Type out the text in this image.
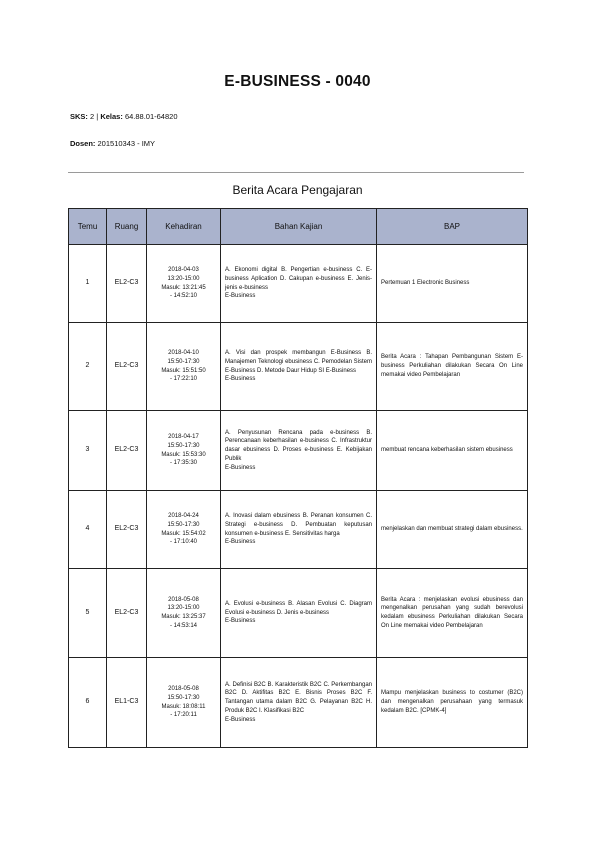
E-BUSINESS - 0040
SKS: 2 | Kelas: 64.88.01-64820
Dosen: 201510343 - IMY
Berita Acara Pengajaran
Temu	Ruang	Kehadiran	Bahan Kajian	BAP
1	EL2-C3	2018-04-03
13:20-15:00
Masuk: 13:21:45
- 14:52:10	A. Ekonomi digital B. Pengertian e-business C. E-business Aplication D. Cakupan e-business E. Jenis-jenis e-business
E-Business	Pertemuan 1 Electronic Business
2	EL2-C3	2018-04-10
15:50-17:30
Masuk: 15:51:50
- 17:22:10	A. Visi dan prospek membangun E-Business B. Manajemen Teknologi ebusiness C. Pemodelan Sistem E-Business D. Metode Daur Hidup SI E-Business
E-Business	Berita Acara : Tahapan Pembangunan Sistem E-business Perkuliahan dilakukan Secara On Line memakai video Pembelajaran
3	EL2-C3	2018-04-17
15:50-17:30
Masuk: 15:53:30
- 17:35:30	A. Penyusunan Rencana pada e-business B. Perencanaan keberhasilan e-business C. Infrastruktur dasar ebusiness D. Proses e-business E. Kebijakan Publik
E-Business	membuat rencana keberhasilan sistem ebusiness
4	EL2-C3	2018-04-24
15:50-17:30
Masuk: 15:54:02
- 17:10:40	A. Inovasi dalam ebusiness B. Peranan konsumen C. Strategi e-business D. Pembuatan keputusan konsumen e-business E. Sensitivitas harga
E-Business	menjelaskan dan membuat strategi dalam ebusiness.
5	EL2-C3	2018-05-08
13:20-15:00
Masuk: 13:25:37
- 14:53:14	A. Evolusi e-business B. Alasan Evolusi C. Diagram Evolusi e-business D. Jenis e-business
E-Business	Berita Acara : menjelaskan evolusi ebusiness dan mengenalkan perusahan yang sudah berevolusi kedalam ebusiness Perkuliahan dilakukan Secara On Line memakai video Pembelajaran
6	EL1-C3	2018-05-08
15:50-17:30
Masuk: 18:08:11
- 17:20:11	A. Definisi B2C B. Karakteristik B2C C. Perkembangan B2C D. Aktifitas B2C E. Bisnis Proses B2C F. Tantangan utama dalam B2C G. Pelayanan B2C H. Produk B2C I. Klasifikasi B2C
E-Business	Mampu menjelaskan business to costumer (B2C) dan mengenalkan perusahaan yang termasuk kedalam B2C. [CPMK-4]
